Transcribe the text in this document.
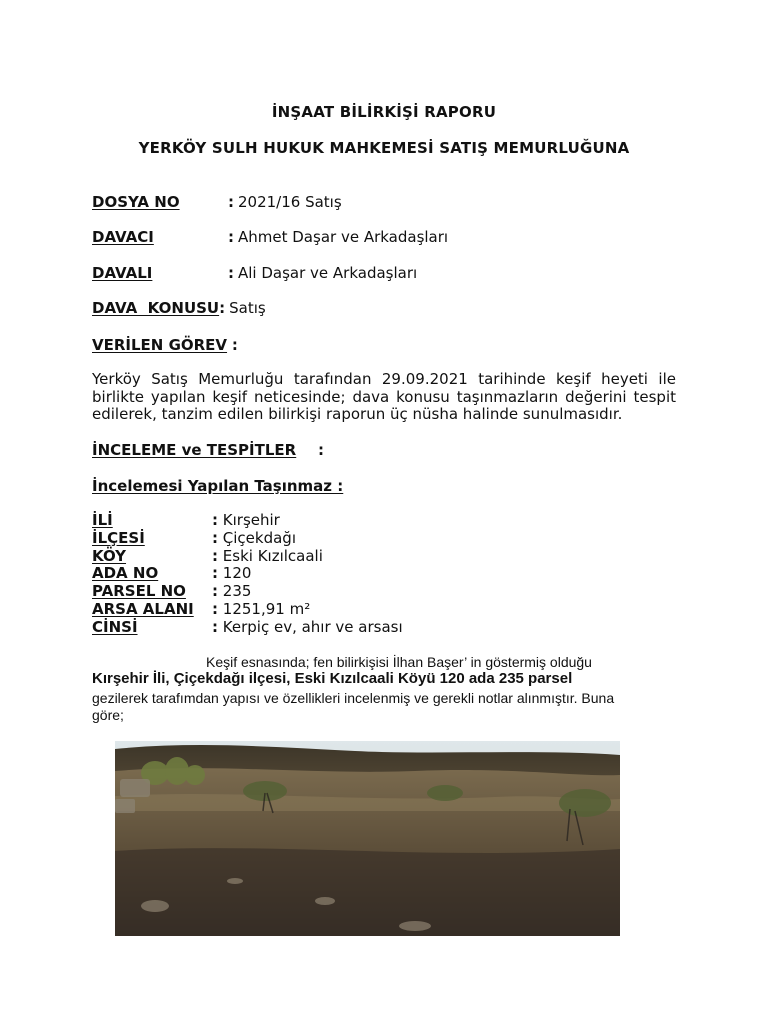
İNŞAAT BİLİRKİŞİ RAPORU
YERKÖY SULH HUKUK MAHKEMESİ SATIŞ MEMURLUĞUNA
DOSYA NO	: 2021/16 Satış
DAVACI	: Ahmet Daşar ve Arkadaşları
DAVALI	: Ali Daşar ve Arkadaşları
DAVA  KONUSU: Satış
VERİLEN GÖREV :
Yerköy Satış Memurluğu tarafından 29.09.2021 tarihinde keşif heyeti ile
birlikte yapılan keşif neticesinde; dava konusu taşınmazların değerini tespit
edilerek, tanzim edilen bilirkişi raporun üç nüsha halinde sunulmasıdır.
İNCELEME ve TESPİTLER :
İncelemesi Yapılan Taşınmaz :
İLİ	: Kırşehir
İLÇESİ	: Çiçekdağı
KÖY	: Eski Kızılcaali
ADA NO	: 120
PARSEL NO : 235
ARSA ALANI : 1251,91 m²
CİNSİ	: Kerpiç ev, ahır ve arsası
Keşif esnasında; fen bilirkişisi İlhan Başer’ in göstermiş olduğu
Kırşehir İli, Çiçekdağı ilçesi, Eski Kızılcaali Köyü 120 ada 235 parsel
gezilerek tarafımdan yapısı ve özellikleri incelenmiş ve gerekli notlar alınmıştır. Buna
göre;
